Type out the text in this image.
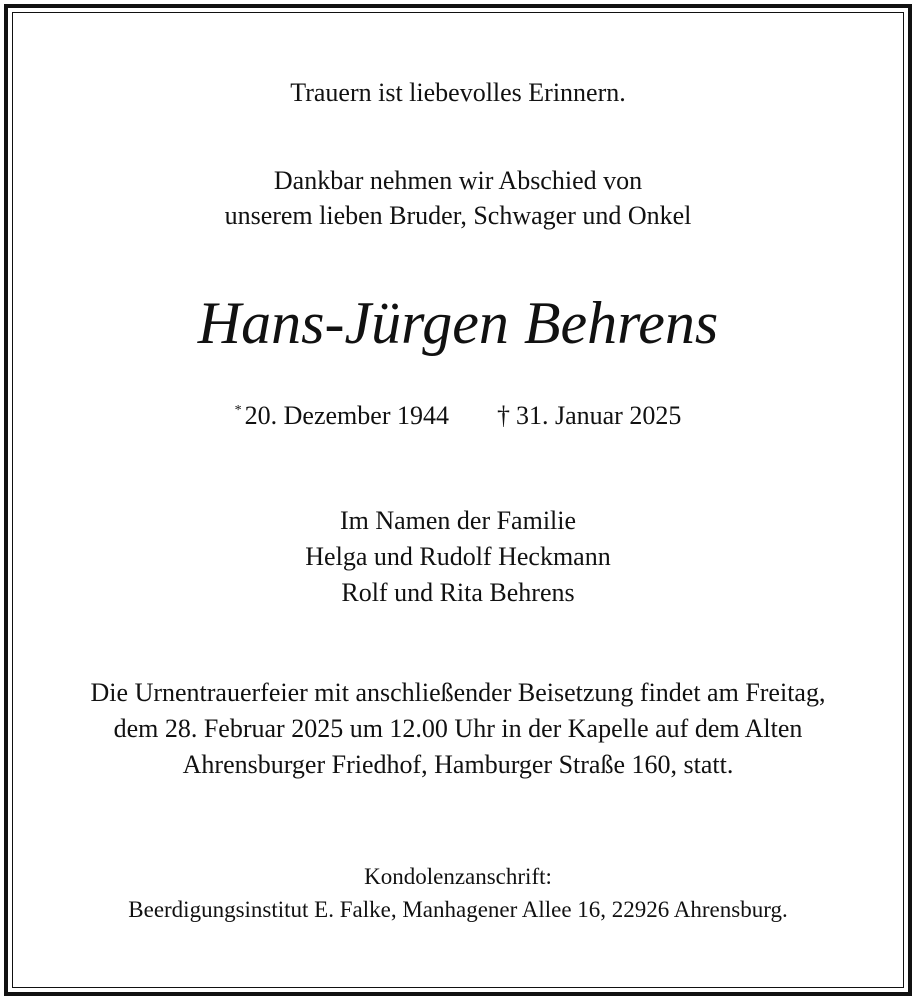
Trauern ist liebevolles Erinnern.
Dankbar nehmen wir Abschied von
unserem lieben Bruder, Schwager und Onkel
Hans-Jürgen Behrens
* 20. Dezember 1944 † 31. Januar 2025
Im Namen der Familie
Helga und Rudolf Heckmann
Rolf und Rita Behrens
Die Urnentrauerfeier mit anschließender Beisetzung findet am Freitag,
dem 28. Februar 2025 um 12.00 Uhr in der Kapelle auf dem Alten
Ahrensburger Friedhof, Hamburger Straße 160, statt.
Kondolenzanschrift:
Beerdigungsinstitut E. Falke, Manhagener Allee 16, 22926 Ahrensburg.
